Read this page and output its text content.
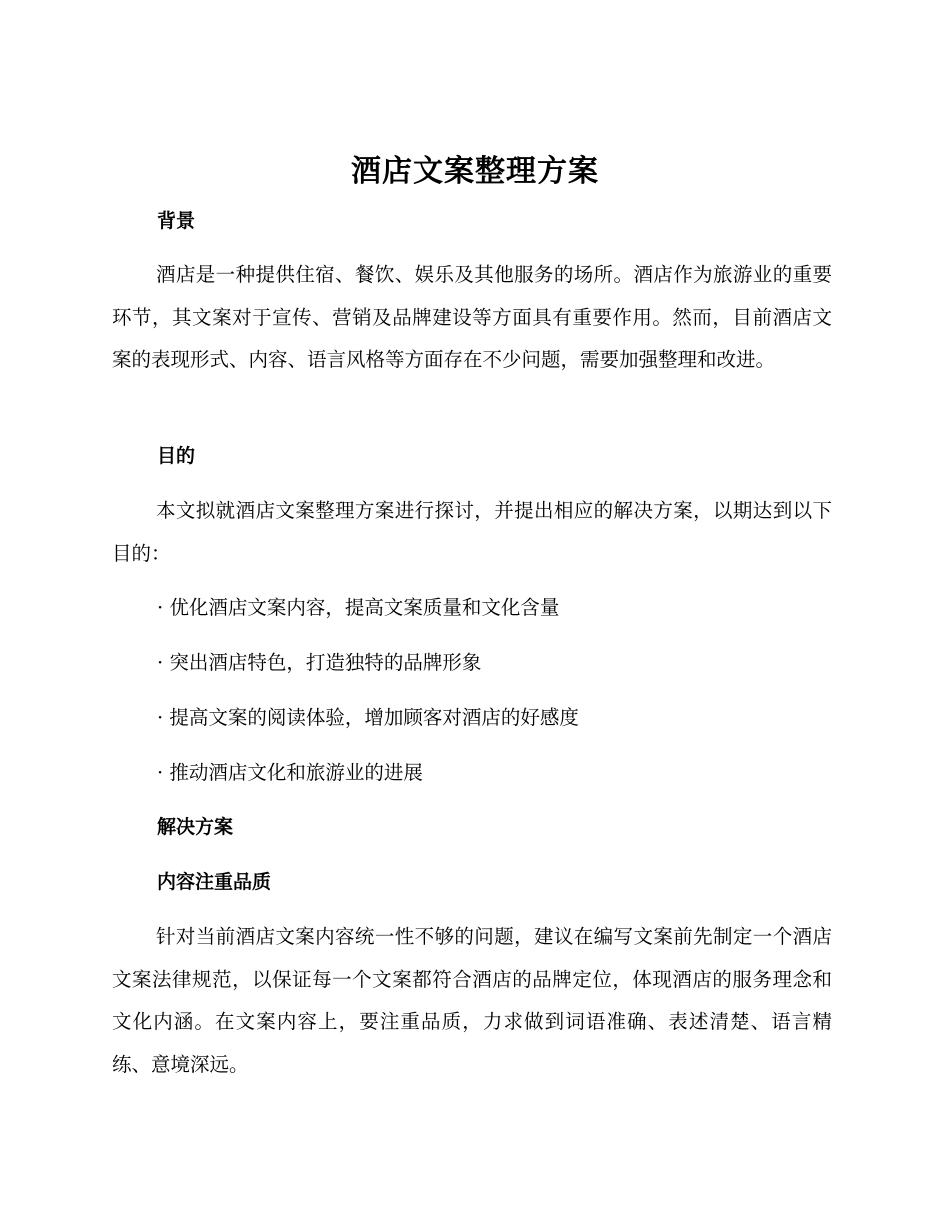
酒店文案整理方案
背景
酒店是一种提供住宿、餐饮、娱乐及其他服务的场所。酒店作为旅游业的重要环节，其文案对于宣传、营销及品牌建设等方面具有重要作用。然而，目前酒店文案的表现形式、内容、语言风格等方面存在不少问题，需要加强整理和改进。
目的
本文拟就酒店文案整理方案进行探讨，并提出相应的解决方案，以期达到以下目的：
· 优化酒店文案内容，提高文案质量和文化含量
· 突出酒店特色，打造独特的品牌形象
· 提高文案的阅读体验，增加顾客对酒店的好感度
· 推动酒店文化和旅游业的进展
解决方案
内容注重品质
针对当前酒店文案内容统一性不够的问题，建议在编写文案前先制定一个酒店文案法律规范，以保证每一个文案都符合酒店的品牌定位，体现酒店的服务理念和文化内涵。在文案内容上，要注重品质，力求做到词语准确、表述清楚、语言精练、意境深远。
